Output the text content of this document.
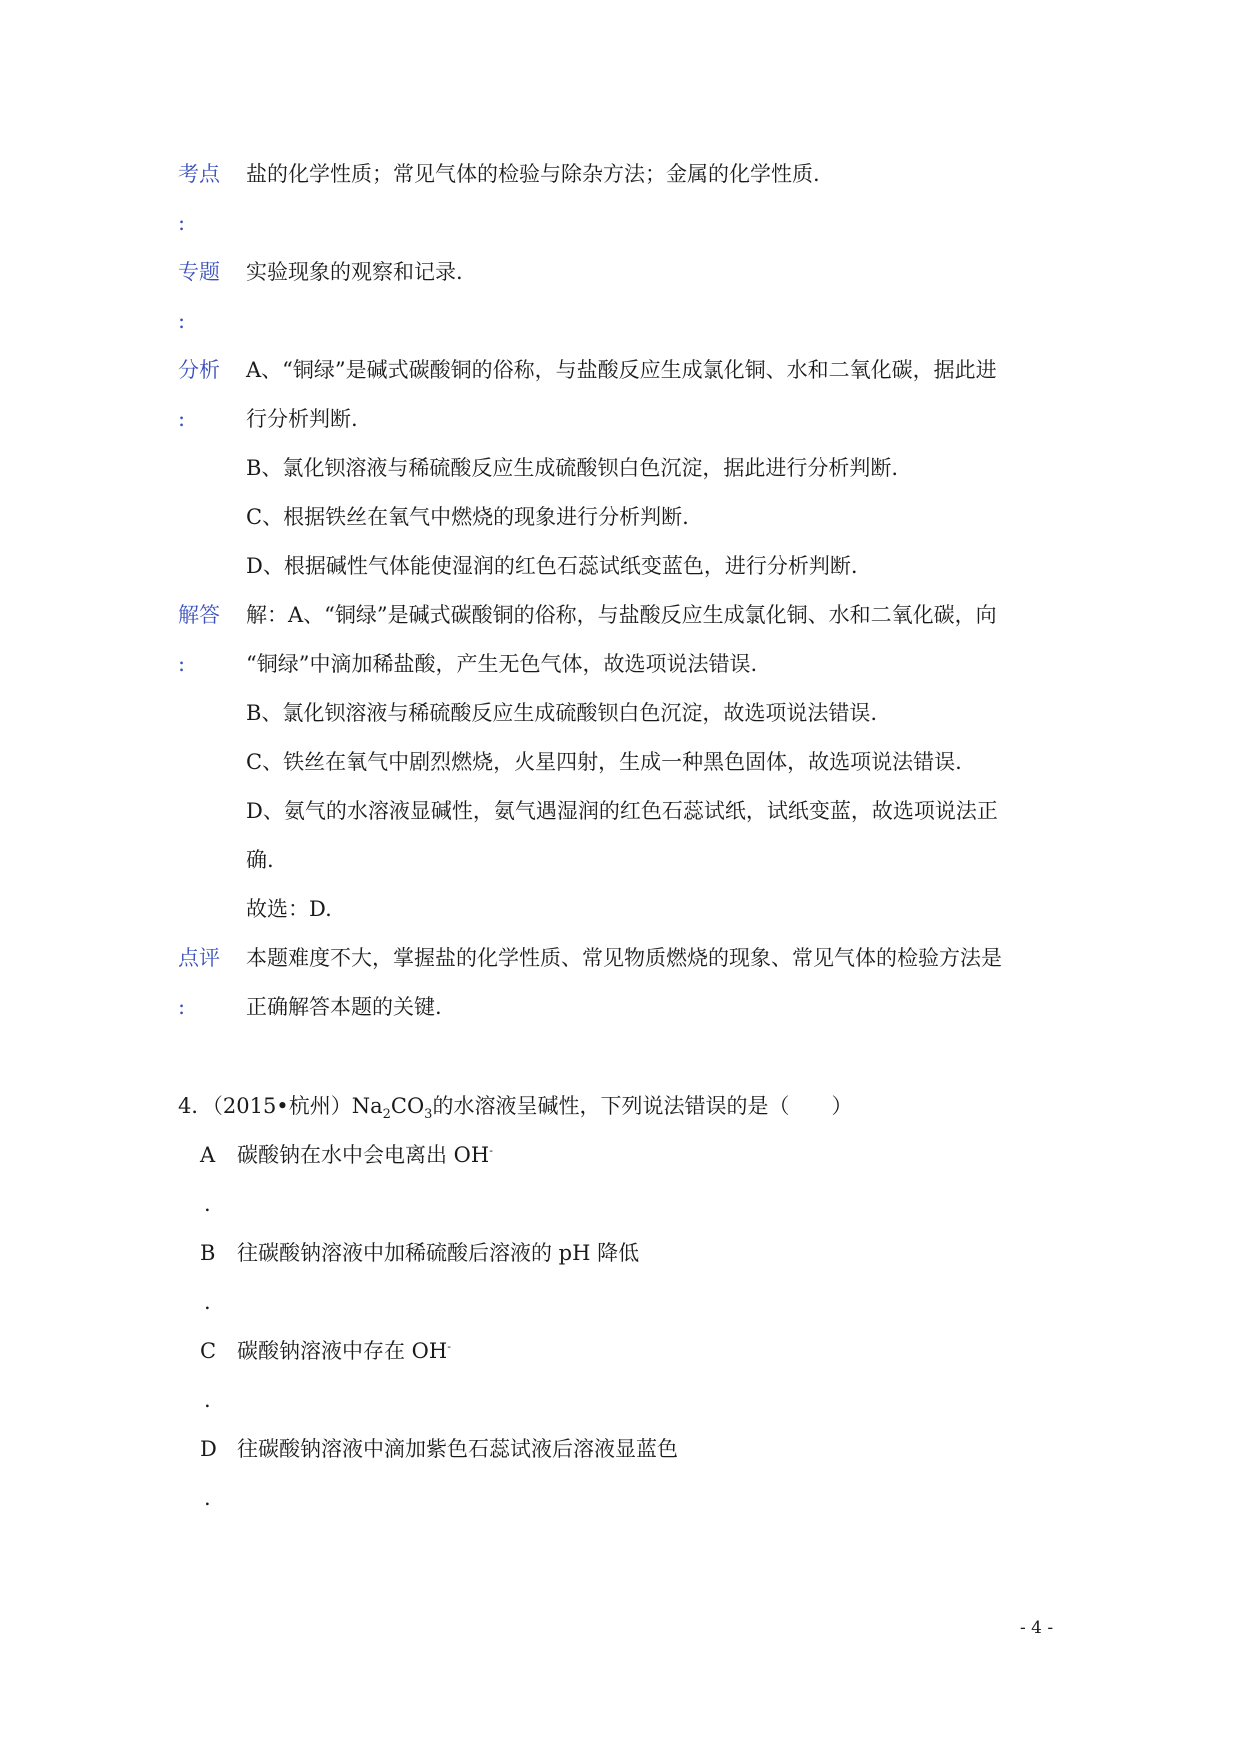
考点
:

盐的化学性质；常见气体的检验与除杂方法；金属的化学性质.

专题
:

实验现象的观察和记录.

分析
:

A、“铜绿”是碱式碳酸铜的俗称，与盐酸反应生成氯化铜、水和二氧化碳，据此进

行分析判断.

B、氯化钡溶液与稀硫酸反应生成硫酸钡白色沉淀，据此进行分析判断.

C、根据铁丝在氧气中燃烧的现象进行分析判断.

D、根据碱性气体能使湿润的红色石蕊试纸变蓝色，进行分析判断.

解答
:

解：A、“铜绿”是碱式碳酸铜的俗称，与盐酸反应生成氯化铜、水和二氧化碳，向

“铜绿”中滴加稀盐酸，产生无色气体，故选项说法错误.

B、氯化钡溶液与稀硫酸反应生成硫酸钡白色沉淀，故选项说法错误.

C、铁丝在氧气中剧烈燃烧，火星四射，生成一种黑色固体，故选项说法错误.

D、氨气的水溶液显碱性，氨气遇湿润的红色石蕊试纸，试纸变蓝，故选项说法正

确.

故选：D.

点评
:

本题难度不大，掌握盐的化学性质、常见物质燃烧的现象、常见气体的检验方法是

正确解答本题的关键.

4．（2015•杭州）$Na_2CO_3$的水溶液呈碱性，下列说法错误的是（　　）
A 碳酸钠在水中会电离出 OH-
.
B 往碳酸钠溶液中加稀硫酸后溶液的 pH 降低
.
C 碳酸钠溶液中存在 OH-
.
D 往碳酸钠溶液中滴加紫色石蕊试液后溶液显蓝色
.
- 4 -
